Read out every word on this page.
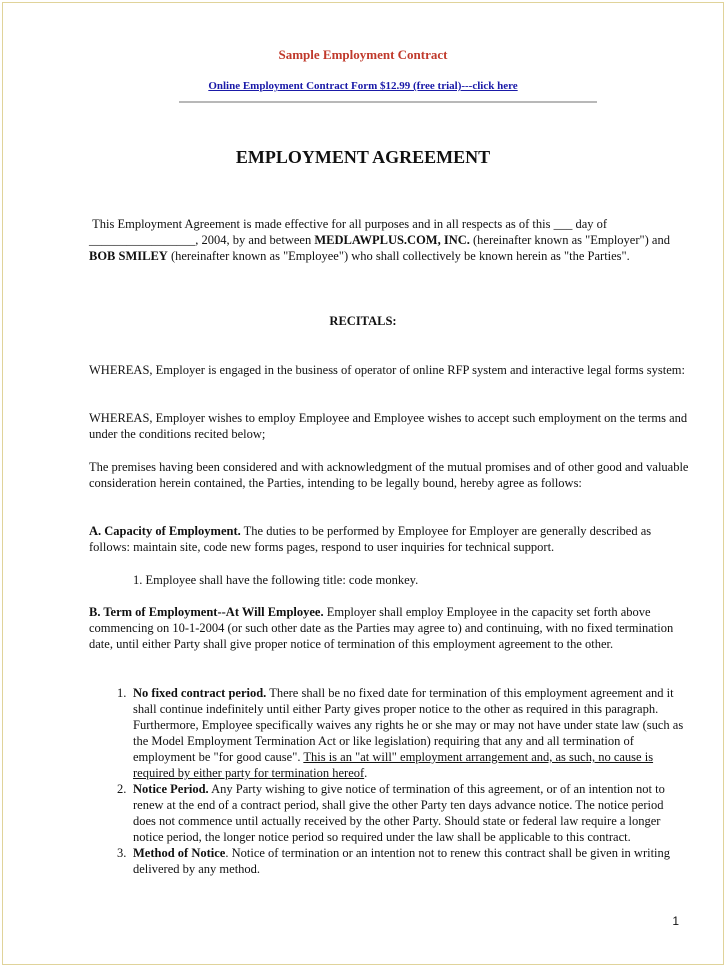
Sample Employment Contract
Online Employment Contract Form $12.99 (free trial)---click here
EMPLOYMENT AGREEMENT

This Employment Agreement is made effective for all purposes and in all respects as of this ___ day of _________________, 2004, by and between MEDLAWPLUS.COM, INC. (hereinafter known as "Employer") and BOB SMILEY (hereinafter known as "Employee") who shall collectively be known herein as "the Parties".

RECITALS:

WHEREAS, Employer is engaged in the business of operator of online RFP system and interactive legal forms system:

WHEREAS, Employer wishes to employ Employee and Employee wishes to accept such employment on the terms and under the conditions recited below;

The premises having been considered and with acknowledgment of the mutual promises and of other good and valuable consideration herein contained, the Parties, intending to be legally bound, hereby agree as follows:

A. Capacity of Employment. The duties to be performed by Employee for Employer are generally described as follows: maintain site, code new forms pages, respond to user inquiries for technical support.

1. Employee shall have the following title: code monkey.

B. Term of Employment--At Will Employee. Employer shall employ Employee in the capacity set forth above commencing on 10-1-2004 (or such other date as the Parties may agree to) and continuing, with no fixed termination date, until either Party shall give proper notice of termination of this employment agreement to the other.

1. No fixed contract period. There shall be no fixed date for termination of this employment agreement and it shall continue indefinitely until either Party gives proper notice to the other as required in this paragraph. Furthermore, Employee specifically waives any rights he or she may or may not have under state law (such as the Model Employment Termination Act or like legislation) requiring that any and all termination of employment be "for good cause". This is an "at will" employment arrangement and, as such, no cause is required by either party for termination hereof.

2. Notice Period. Any Party wishing to give notice of termination of this agreement, or of an intention not to renew at the end of a contract period, shall give the other Party ten days advance notice. The notice period does not commence until actually received by the other Party. Should state or federal law require a longer notice period, the longer notice period so required under the law shall be applicable to this contract.

3. Method of Notice. Notice of termination or an intention not to renew this contract shall be given in writing delivered by any method.

1
